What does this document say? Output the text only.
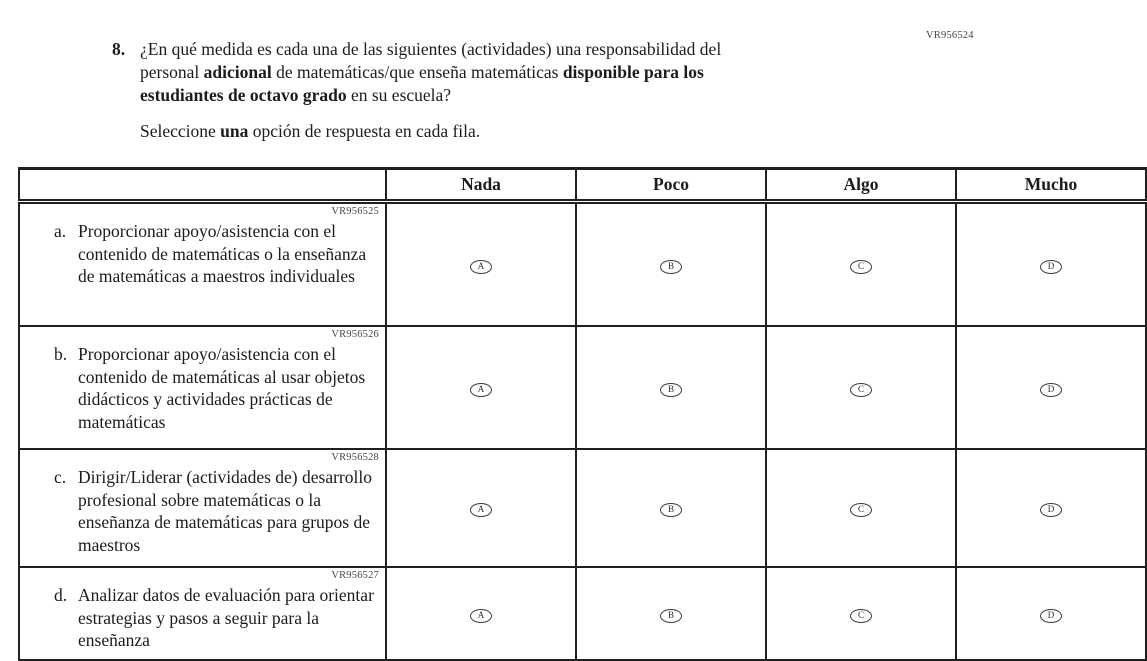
VR956524
8. ¿En qué medida es cada una de las siguientes (actividades) una responsabilidad del
personal adicional de matemáticas/que enseña matemáticas disponible para los
estudiantes de octavo grado en su escuela?
Seleccione una opción de respuesta en cada fila.
	Nada	Poco	Algo	Mucho

VR956525
a. Proporcionar apoyo/asistencia con el contenido de matemáticas o la enseñanza de matemáticas a maestros individuales	A	B	C	D

VR956526
b. Proporcionar apoyo/asistencia con el contenido de matemáticas al usar objetos didácticos y actividades prácticas de matemáticas	A	B	C	D

VR956528
c. Dirigir/Liderar (actividades de) desarrollo profesional sobre matemáticas o la enseñanza de matemáticas para grupos de maestros	A	B	C	D

VR956527
d. Analizar datos de evaluación para orientar estrategias y pasos a seguir para la enseñanza	A	B	C	D
